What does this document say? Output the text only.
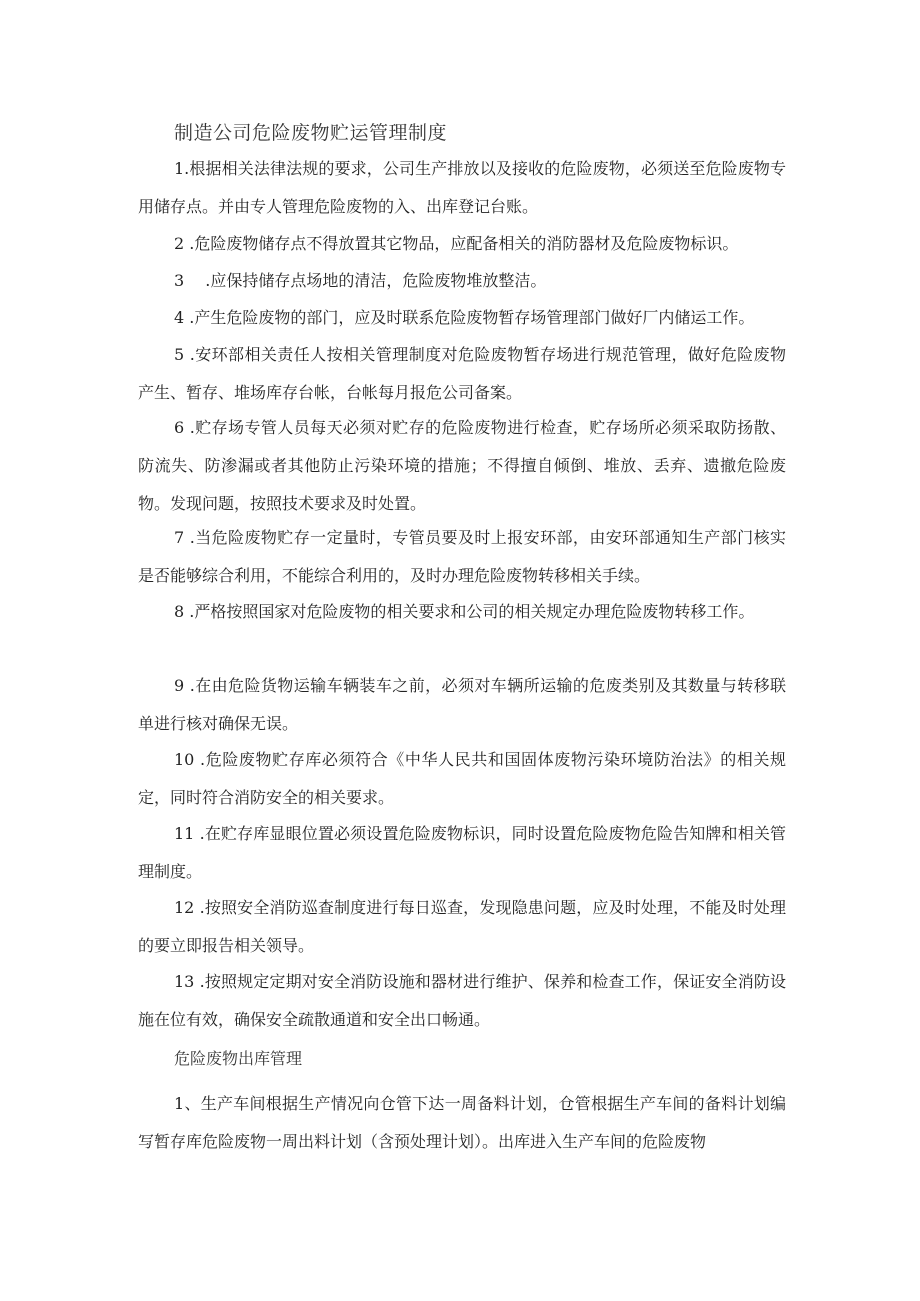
制造公司危险废物贮运管理制度

1.根据相关法律法规的要求，公司生产排放以及接收的危险废物，必须送至危险废物专用储存点。并由专人管理危险废物的入、出库登记台账。

2 .危险废物储存点不得放置其它物品，应配备相关的消防器材及危险废物标识。

3 　.应保持储存点场地的清洁，危险废物堆放整洁。

4 .产生危险废物的部门，应及时联系危险废物暂存场管理部门做好厂内储运工作。

5 .安环部相关责任人按相关管理制度对危险废物暂存场进行规范管理，做好危险废物产生、暂存、堆场库存台帐，台帐每月报危公司备案。

6 .贮存场专管人员每天必须对贮存的危险废物进行检查，贮存场所必须采取防扬散、防流失、防渗漏或者其他防止污染环境的措施；不得擅自倾倒、堆放、丢弃、遗撤危险废物。发现问题，按照技术要求及时处置。

7 .当危险废物贮存一定量时，专管员要及时上报安环部，由安环部通知生产部门核实是否能够综合利用，不能综合利用的，及时办理危险废物转移相关手续。

8 .严格按照国家对危险废物的相关要求和公司的相关规定办理危险废物转移工作。

9 .在由危险货物运输车辆装车之前，必须对车辆所运输的危废类别及其数量与转移联单进行核对确保无误。

10 .危险废物贮存库必须符合《中华人民共和国固体废物污染环境防治法》的相关规定，同时符合消防安全的相关要求。

11 .在贮存库显眼位置必须设置危险废物标识，同时设置危险废物危险告知牌和相关管理制度。

12 .按照安全消防巡查制度进行每日巡查，发现隐患问题，应及时处理，不能及时处理的要立即报告相关领导。

13 .按照规定定期对安全消防设施和器材进行维护、保养和检查工作，保证安全消防设施在位有效，确保安全疏散通道和安全出口畅通。

危险废物出库管理

1、生产车间根据生产情况向仓管下达一周备料计划，仓管根据生产车间的备料计划编写暂存库危险废物一周出料计划（含预处理计划）。出库进入生产车间的危险废物
